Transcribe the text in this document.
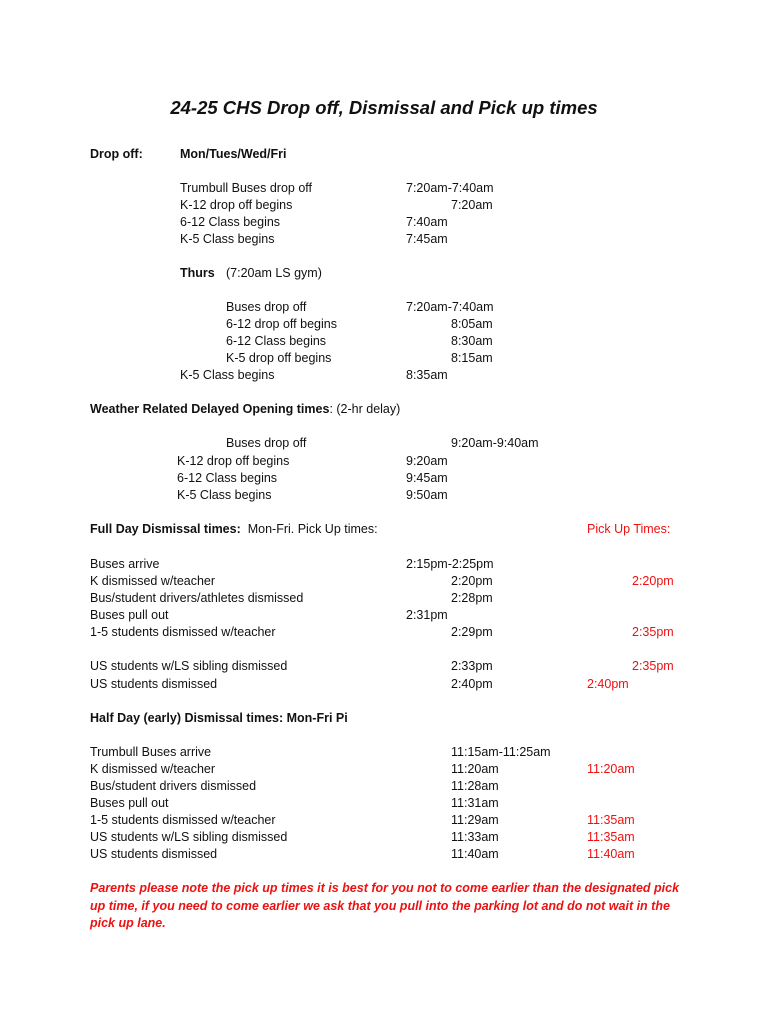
24-25 CHS Drop off, Dismissal and Pick up times
Drop off:	Mon/Tues/Wed/Fri
Trumbull Buses drop off	7:20am-7:40am
K-12 drop off begins	7:20am
6-12 Class begins	7:40am
K-5 Class begins	7:45am
Thurs (7:20am LS gym)
Buses drop off	7:20am-7:40am
6-12 drop off begins	8:05am
6-12 Class begins	8:30am
K-5 drop off begins	8:15am
K-5 Class begins	8:35am
Weather Related Delayed Opening times: (2-hr delay)
Buses drop off	9:20am-9:40am
K-12 drop off begins	9:20am
6-12 Class begins	9:45am
K-5 Class begins	9:50am
Full Day Dismissal times: Mon-Fri. Pick Up times:	Pick Up Times:
Buses arrive	2:15pm-2:25pm
K dismissed w/teacher	2:20pm	2:20pm
Bus/student drivers/athletes dismissed	2:28pm
Buses pull out	2:31pm
1-5 students dismissed w/teacher	2:29pm	2:35pm
US students w/LS sibling dismissed	2:33pm	2:35pm
US students dismissed	2:40pm	2:40pm
Half Day (early) Dismissal times: Mon-Fri Pi
Trumbull Buses arrive	11:15am-11:25am
K dismissed w/teacher	11:20am	11:20am
Bus/student drivers dismissed	11:28am
Buses pull out	11:31am
1-5 students dismissed w/teacher	11:29am	11:35am
US students w/LS sibling dismissed	11:33am	11:35am
US students dismissed	11:40am	11:40am

Parents please note the pick up times it is best for you not to come earlier than the designated pick up time, if you need to come earlier we ask that you pull into the parking lot and do not wait in the pick up lane.
